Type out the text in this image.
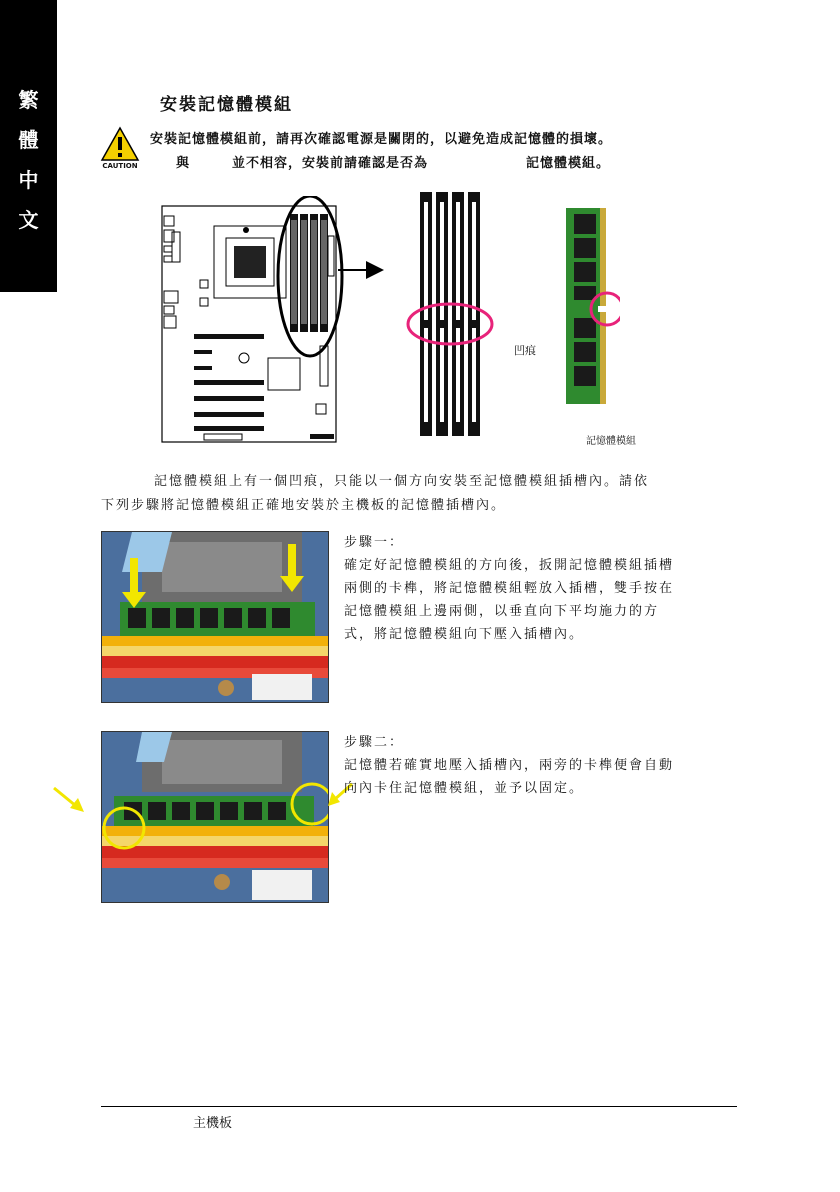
繁
體
中
文
安裝記憶體模組
CAUTION
安裝記憶體模組前，請再次確認電源是關閉的，以避免造成記憶體的損壞。
與	並不相容，安裝前請確認是否為	記憶體模組。
凹痕
記憶體模組
記憶體模組上有一個凹痕，只能以一個方向安裝至記憶體模組插槽內。請依
下列步驟將記憶體模組正確地安裝於主機板的記憶體插槽內。
步驟一：
確定好記憶體模組的方向後，扳開記憶體模組插槽
兩側的卡榫，將記憶體模組輕放入插槽，雙手按在
記憶體模組上邊兩側，以垂直向下平均施力的方
式，將記憶體模組向下壓入插槽內。
步驟二：
記憶體若確實地壓入插槽內，兩旁的卡榫便會自動
向內卡住記憶體模組，並予以固定。
主機板
